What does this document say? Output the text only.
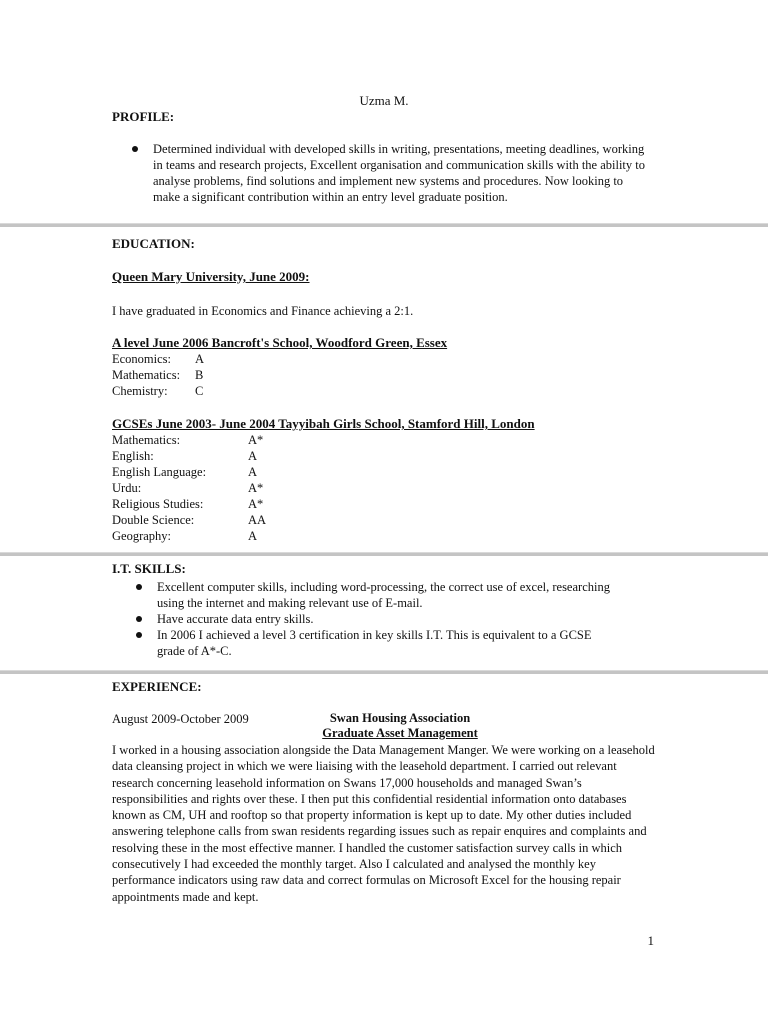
Uzma M.
PROFILE:
Determined individual with developed skills in writing, presentations, meeting deadlines, working in teams and research projects, Excellent organisation and communication skills with the ability to analyse problems, find solutions and implement new systems and procedures. Now looking to make a significant contribution within an entry level graduate position.
EDUCATION:
Queen Mary University, June 2009:
I have graduated in Economics and Finance achieving a 2:1.
A level June 2006 Bancroft's School, Woodford Green, Essex
Economics:	A
Mathematics:	B
Chemistry:	C
GCSEs June 2003- June 2004 Tayyibah Girls School, Stamford Hill, London
Mathematics:	A*
English:	A
English Language:	A
Urdu:	A*
Religious Studies:	A*
Double Science:	AA
Geography:	A
I.T. SKILLS:
Excellent computer skills, including word-processing, the correct use of excel, researching using the internet and making relevant use of E-mail.
Have accurate data entry skills.
In 2006 I achieved a level 3 certification in key skills I.T. This is equivalent to a GCSE grade of A*-C.
EXPERIENCE:
August 2009-October 2009	Swan Housing Association
Graduate Asset Management
I worked in a housing association alongside the Data Management Manger. We were working on a leasehold data cleansing project in which we were liaising with the leasehold department. I carried out relevant research concerning leasehold information on Swans 17,000 households and managed Swan’s responsibilities and rights over these. I then put this confidential residential information onto databases known as CM, UH and rooftop so that property information is kept up to date. My other duties included answering telephone calls from swan residents regarding issues such as repair enquires and complaints and resolving these in the most effective manner. I handled the customer satisfaction survey calls in which consecutively I had exceeded the monthly target. Also I calculated and analysed the monthly key performance indicators using raw data and correct formulas on Microsoft Excel for the housing repair appointments made and kept.
1
